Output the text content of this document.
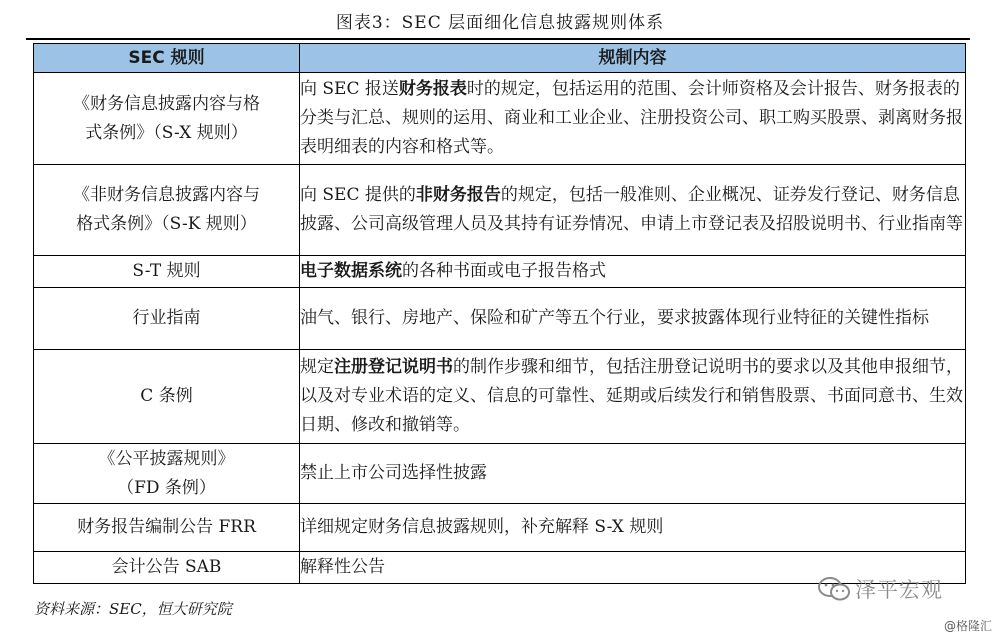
图表3：SEC 层面细化信息披露规则体系
SEC 规则	规制内容

《财务信息披露内容与格
式条例》（S-X 规则）	向 SEC 报送财务报表时的规定，包括运用的范围、会计师资格及会计报告、财务报表的分类与汇总、规则的运用、商业和工业企业、注册投资公司、职工购买股票、剥离财务报表明细表的内容和格式等。

《非财务信息披露内容与
格式条例》（S-K 规则）	向 SEC 提供的非财务报告的规定，包括一般准则、企业概况、证券发行登记、财务信息披露、公司高级管理人员及其持有证券情况、申请上市登记表及招股说明书、行业指南等

S-T 规则	电子数据系统的各种书面或电子报告格式

行业指南	油气、银行、房地产、保险和矿产等五个行业，要求披露体现行业特征的关键性指标

C 条例	规定注册登记说明书的制作步骤和细节，包括注册登记说明书的要求以及其他申报细节，以及对专业术语的定义、信息的可靠性、延期或后续发行和销售股票、书面同意书、生效日期、修改和撤销等。

《公平披露规则》
（FD 条例）	禁止上市公司选择性披露

财务报告编制公告 FRR	详细规定财务信息披露规则，补充解释 S-X 规则

会计公告 SAB	解释性公告
资料来源：SEC，恒大研究院
泽平宏观
@格隆汇
